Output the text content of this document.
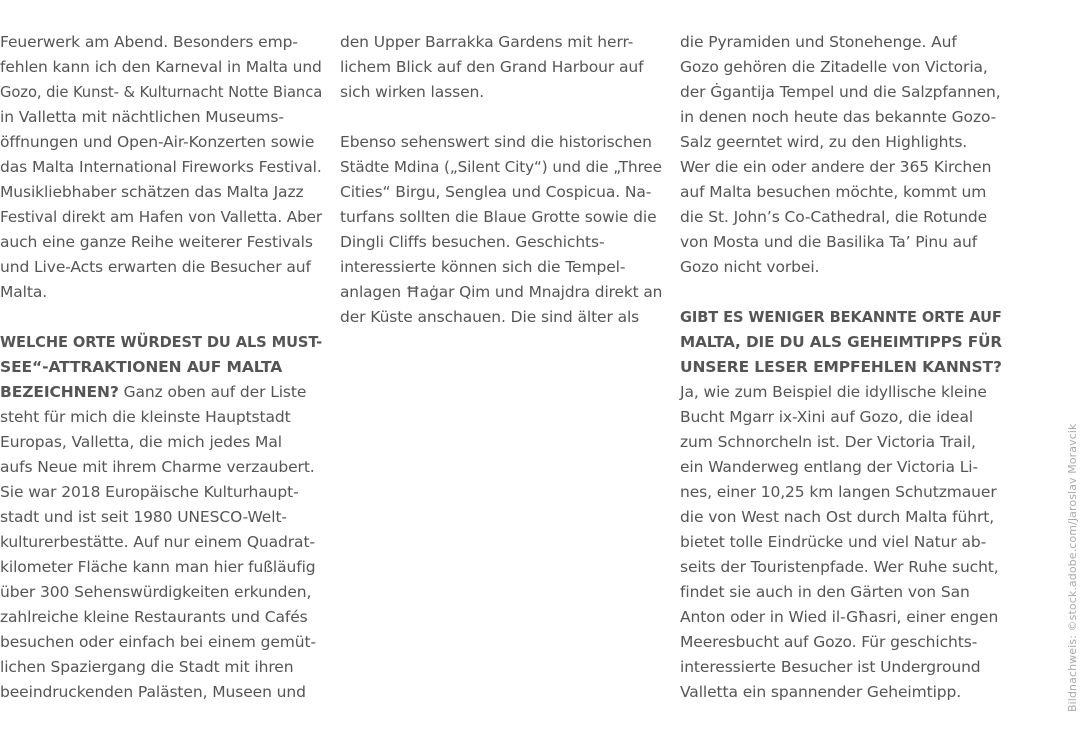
Feuerwerk am Abend. Besonders emp-
fehlen kann ich den Karneval in Malta und
Gozo, die Kunst- & Kulturnacht Notte Bianca
in Valletta mit nächtlichen Museums-
öffnungen und Open-Air-Konzerten sowie
das Malta International Fireworks Festival.
Musikliebhaber schätzen das Malta Jazz
Festival direkt am Hafen von Valletta. Aber
auch eine ganze Reihe weiterer Festivals
und Live-Acts erwarten die Besucher auf
Malta.
WELCHE ORTE WÜRDEST DU ALS MUST-
SEE“-ATTRAKTIONEN AUF MALTA
BEZEICHNEN? Ganz oben auf der Liste
steht für mich die kleinste Hauptstadt
Europas, Valletta, die mich jedes Mal
aufs Neue mit ihrem Charme verzaubert.
Sie war 2018 Europäische Kulturhaupt-
stadt und ist seit 1980 UNESCO-Welt-
kulturerbestätte. Auf nur einem Quadrat-
kilometer Fläche kann man hier fußläufig
über 300 Sehenswürdigkeiten erkunden,
zahlreiche kleine Restaurants und Cafés
besuchen oder einfach bei einem gemüt-
lichen Spaziergang die Stadt mit ihren
beeindruckenden Palästen, Museen und
den Upper Barrakka Gardens mit herr-
lichem Blick auf den Grand Harbour auf
sich wirken lassen.
Ebenso sehenswert sind die historischen
Städte Mdina („Silent City“) und die „Three
Cities“ Birgu, Senglea und Cospicua. Na-
turfans sollten die Blaue Grotte sowie die
Dingli Cliffs besuchen. Geschichts-
interessierte können sich die Tempel-
anlagen Ħaġar Qim und Mnajdra direkt an
der Küste anschauen. Die sind älter als
die Pyramiden und Stonehenge. Auf
Gozo gehören die Zitadelle von Victoria,
der Ġgantija Tempel und die Salzpfannen,
in denen noch heute das bekannte Gozo-
Salz geerntet wird, zu den Highlights.
Wer die ein oder andere der 365 Kirchen
auf Malta besuchen möchte, kommt um
die St. John’s Co-Cathedral, die Rotunde
von Mosta und die Basilika Ta’ Pinu auf
Gozo nicht vorbei.
GIBT ES WENIGER BEKANNTE ORTE AUF
MALTA, DIE DU ALS GEHEIMTIPPS FÜR
UNSERE LESER EMPFEHLEN KANNST?
Ja, wie zum Beispiel die idyllische kleine
Bucht Mgarr ix-Xini auf Gozo, die ideal
zum Schnorcheln ist. Der Victoria Trail,
ein Wanderweg entlang der Victoria Li-
nes, einer 10,25 km langen Schutzmauer
die von West nach Ost durch Malta führt,
bietet tolle Eindrücke und viel Natur ab-
seits der Touristenpfade. Wer Ruhe sucht,
findet sie auch in den Gärten von San
Anton oder in Wied il-Għasri, einer engen
Meeresbucht auf Gozo. Für geschichts-
interessierte Besucher ist Underground
Valletta ein spannender Geheimtipp.	Bildnachweis: ©stock.adobe.com/Jaroslav Moravcik
